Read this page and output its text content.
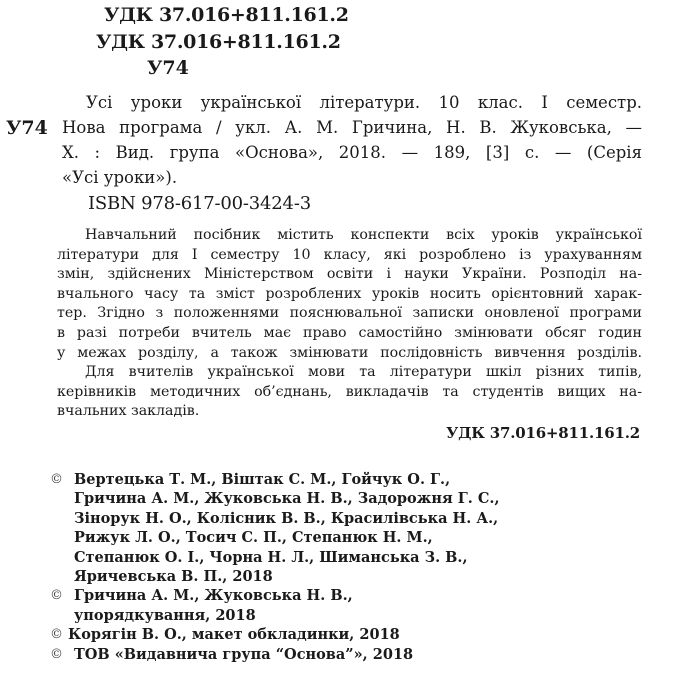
УДК 37.016+811.161.2
УДК 37.016+811.161.2
У74
У74
Усі уроки української літератури. 10 клас. І семестр.
Нова програма / укл. А. М. Гричина, Н. В. Жуковська, —
Х. : Вид. група «Основа», 2018. — 189, [3] с. — (Серія
«Усі уроки»).
ISBN 978-617-00-3424-3
Навчальний посібник містить конспекти всіх уроків української
літератури для І семестру 10 класу, які розроблено із урахуванням
змін, здійснених Міністерством освіти і науки України. Розподіл на-
вчального часу та зміст розроблених уроків носить орієнтовний харак-
тер. Згідно з положеннями пояснювальної записки оновленої програми
в разі потреби вчитель має право самостійно змінювати обсяг годин
у межах розділу, а також змінювати послідовність вивчення розділів.
Для вчителів української мови та літератури шкіл різних типів,
керівників методичних об’єднань, викладачів та студентів вищих на-
вчальних закладів.
УДК 37.016+811.161.2
© Вертецька Т. М., Віштак С. М., Гойчук О. Г.,
Гричина А. М., Жуковська Н. В., Задорожня Г. С.,
Зінорук Н. О., Колісник В. В., Красилівська Н. А.,
Рижук Л. О., Тосич С. П., Степанюк Н. М.,
Степанюк О. І., Чорна Н. Л., Шиманська З. В.,
Яричевська В. П., 2018
© Гричина А. М., Жуковська Н. В.,
упорядкування, 2018
© Корягін В. О., макет обкладинки, 2018
© ТОВ «Видавнича група “Основа”», 2018
